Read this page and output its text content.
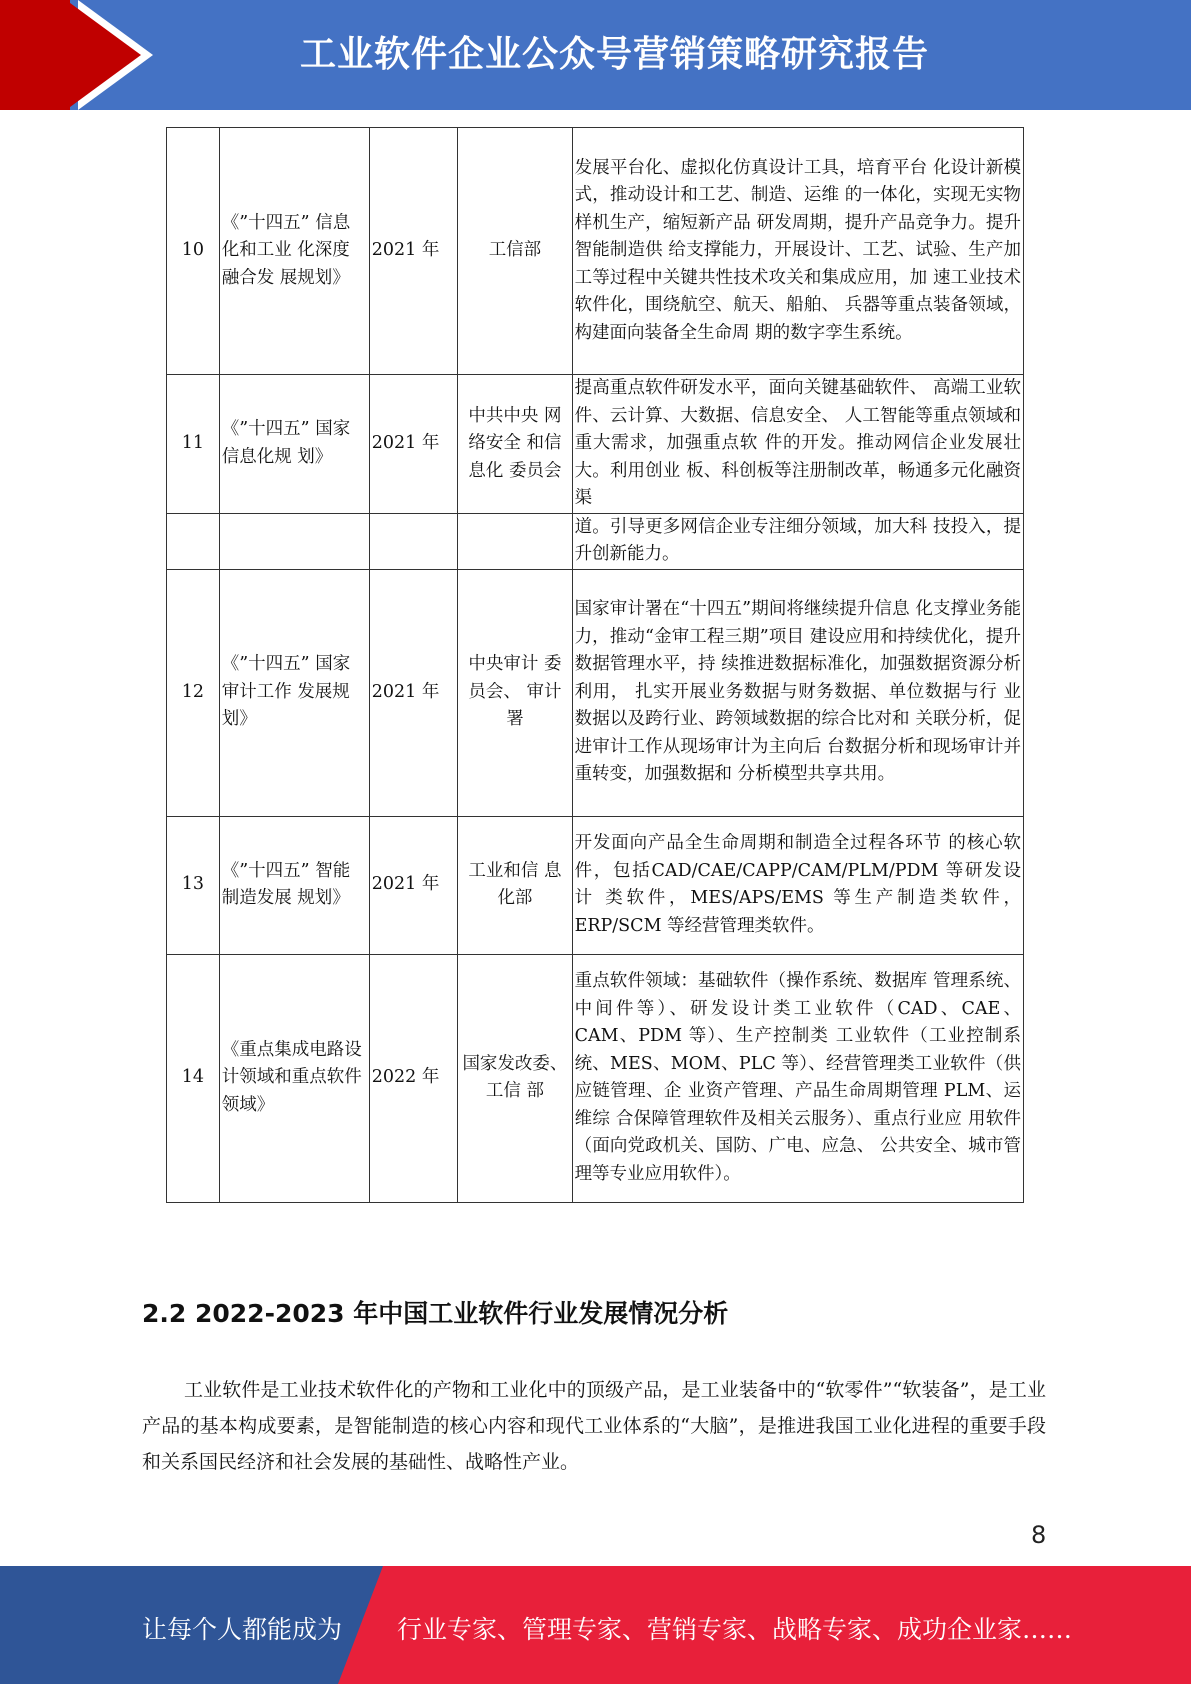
工业软件企业公众号营销策略研究报告
10	《”十四五” 信息化和工业 化深度融合发 展规划》	2021 年	工信部	发展平台化、虚拟化仿真设计工具，培育平台 化设计新模式，推动设计和工艺、制造、运维 的一体化，实现无实物样机生产，缩短新产品 研发周期，提升产品竞争力。提升智能制造供 给支撑能力，开展设计、工艺、试验、生产加 工等过程中关键共性技术攻关和集成应用，加 速工业技术软件化，围绕航空、航天、船舶、 兵器等重点装备领域，构建面向装备全生命周 期的数字孪生系统。
11	《”十四五” 国家信息化规 划》	2021 年	中共中央 网络安全 和信息化 委员会	提高重点软件研发水平，面向关键基础软件、 高端工业软件、云计算、大数据、信息安全、 人工智能等重点领域和重大需求，加强重点软 件的开发。推动网信企业发展壮大。利用创业 板、科创板等注册制改革，畅通多元化融资渠
				道。引导更多网信企业专注细分领域，加大科 技投入，提升创新能力。
12	《”十四五” 国家审计工作 发展规划》	2021 年	中央审计 委员会、 审计署	国家审计署在“十四五”期间将继续提升信息 化支撑业务能力，推动“金审工程三期”项目 建设应用和持续优化，提升数据管理水平，持 续推进数据标准化，加强数据资源分析利用， 扎实开展业务数据与财务数据、单位数据与行 业数据以及跨行业、跨领域数据的综合比对和 关联分析，促进审计工作从现场审计为主向后 台数据分析和现场审计并重转变，加强数据和 分析模型共享共用。
13	《”十四五” 智能制造发展 规划》	2021 年	工业和信 息化部	开发面向产品全生命周期和制造全过程各环节 的核心软件，包括CAD/CAE/CAPP/CAM/PLM/PDM 等研发设计 类软件，MES/APS/EMS 等生产制造类软件， ERP/SCM 等经营管理类软件。
14	《重点集成电路设计领域和重点软件领域》	2022 年	国家发改委、工信 部	重点软件领域：基础软件（操作系统、数据库 管理系统、中间件等）、研发设计类工业软件（CAD、CAE、CAM、PDM 等）、生产控制类 工业软件（工业控制系统、MES、MOM、PLC 等）、经营管理类工业软件（供应链管理、企 业资产管理、产品生命周期管理 PLM、运维综 合保障管理软件及相关云服务）、重点行业应 用软件（面向党政机关、国防、广电、应急、 公共安全、城市管理等专业应用软件）。
2.2 2022-2023 年中国工业软件行业发展情况分析
工业软件是工业技术软件化的产物和工业化中的顶级产品，是工业装备中的“软零件”“软装备”，是工业产品的基本构成要素，是智能制造的核心内容和现代工业体系的“大脑”，是推进我国工业化进程的重要手段和关系国民经济和社会发展的基础性、战略性产业。
8
让每个人都能成为 行业专家、管理专家、营销专家、战略专家、成功企业家……
